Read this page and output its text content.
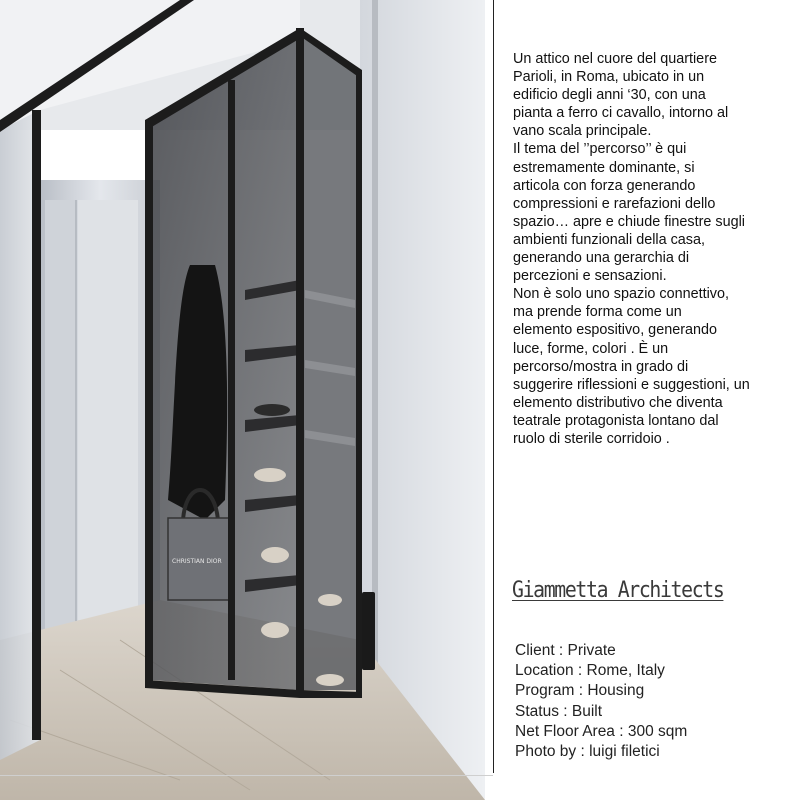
CHRISTIAN DIOR
Un attico nel cuore del quartiere
Parioli, in Roma, ubicato in un
edificio degli anni ‘30, con una
pianta a ferro ci cavallo, intorno al
vano scala principale.
Il tema del ’’percorso’’ è qui
estremamente dominante, si
articola con forza generando
compressioni e rarefazioni dello
spazio… apre e chiude finestre sugli
ambienti funzionali della casa,
generando una gerarchia di
percezioni e sensazioni.
Non è solo uno spazio connettivo,
ma prende forma come un
elemento espositivo, generando
luce, forme, colori . È un
percorso/mostra in grado di
suggerire riflessioni e suggestioni, un
elemento distributivo che diventa
teatrale protagonista lontano dal
ruolo di sterile corridoio .
Giammetta Architects
Client : Private
Location : Rome, Italy
Program : Housing
Status : Built
Net Floor Area : 300 sqm
Photo by : luigi filetici
